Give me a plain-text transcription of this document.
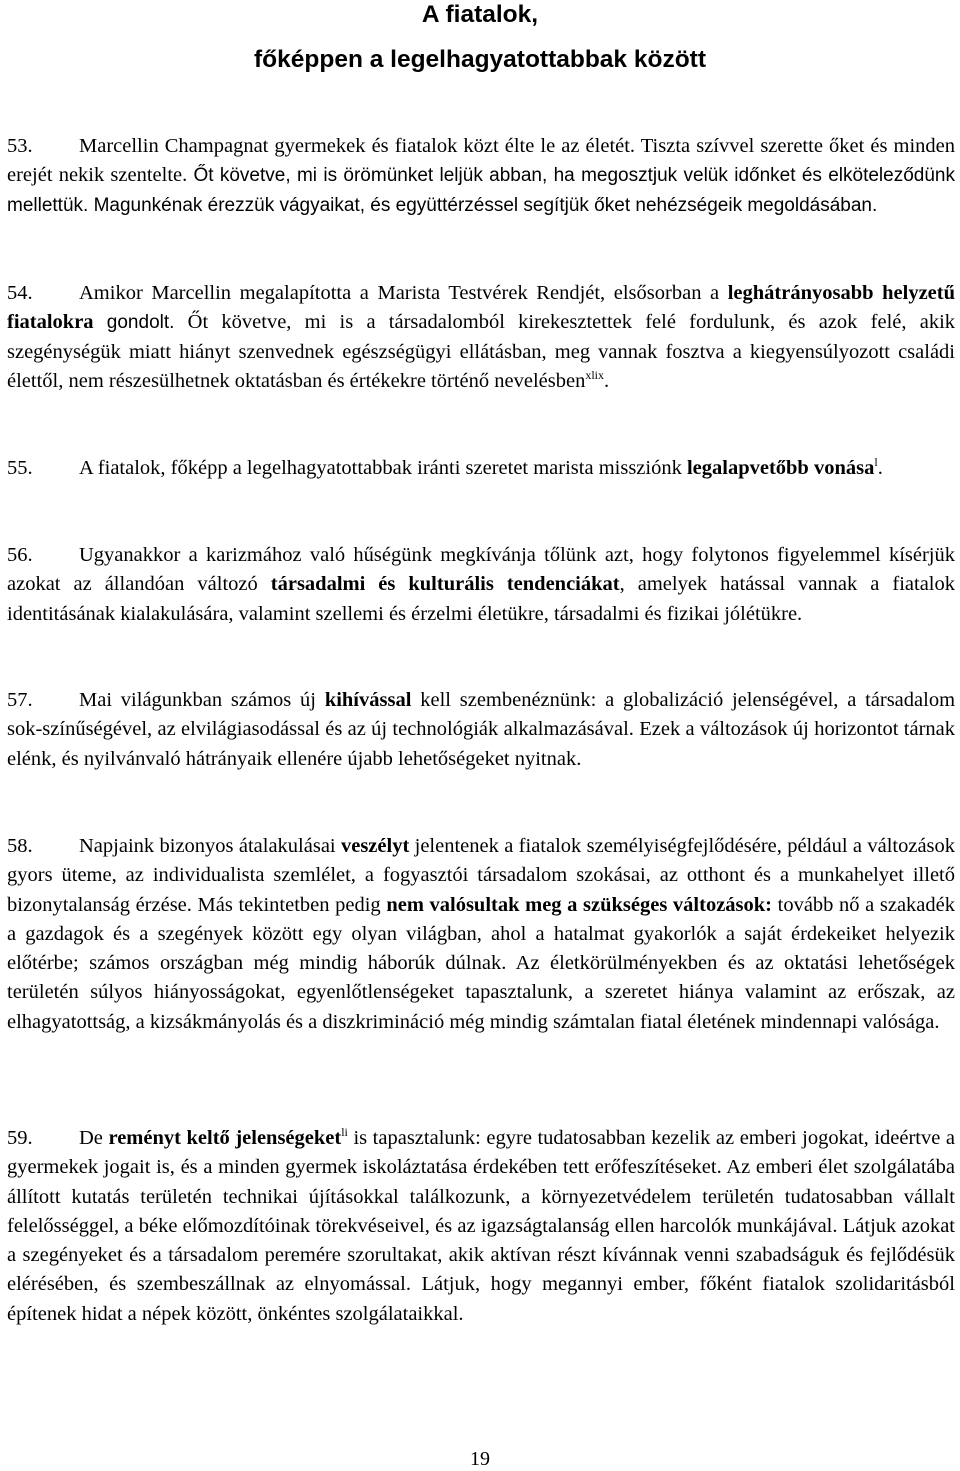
A fiatalok,
főképpen a legelhagyatottabbak között
53. Marcellin Champagnat gyermekek és fiatalok közt élte le az életét. Tiszta szívvel szerette őket és minden erejét nekik szentelte. Őt követve, mi is örömünket leljük abban, ha megosztjuk velük időnket és elköteleződünk mellettük. Magunkénak érezzük vágyaikat, és együttérzéssel segítjük őket nehézségeik megoldásában.
54. Amikor Marcellin megalapította a Marista Testvérek Rendjét, elsősorban a leghátrányosabb helyzetű fiatalokra gondolt. Őt követve, mi is a társadalomból kirekesztettek felé fordulunk, és azok felé, akik szegénységük miatt hiányt szenvednek egészségügyi ellátásban, meg vannak fosztva a kiegyensúlyozott családi élettől, nem részesülhetnek oktatásban és értékekre történő nevelésben$^{xlix}$.
55. A fiatalok, főképp a legelhagyatottabbak iránti szeretet marista missziónk legalapvetőbb vonása$^l$.
56. Ugyanakkor a karizmához való hűségünk megkívánja tőlünk azt, hogy folytonos figyelemmel kísérjük azokat az állandóan változó társadalmi és kulturális tendenciákat, amelyek hatással vannak a fiatalok identitásának kialakulására, valamint szellemi és érzelmi életükre, társadalmi és fizikai jólétükre.
57. Mai világunkban számos új kihívással kell szembenéznünk: a globalizáció jelenségével, a társadalom sok-színűségével, az elvilágiasodással és az új technológiák alkalmazásával. Ezek a változások új horizontot tárnak elénk, és nyilvánvaló hátrányaik ellenére újabb lehetőségeket nyitnak.
58. Napjaink bizonyos átalakulásai veszélyt jelentenek a fiatalok személyiségfejlődésére, például a változások gyors üteme, az individualista szemlélet, a fogyasztói társadalom szokásai, az otthont és a munkahelyet illető bizonytalanság érzése. Más tekintetben pedig nem valósultak meg a szükséges változások: tovább nő a szakadék a gazdagok és a szegények között egy olyan világban, ahol a hatalmat gyakorlók a saját érdekeiket helyezik előtérbe; számos országban még mindig háborúk dúlnak. Az életkörülményekben és az oktatási lehetőségek területén súlyos hiányosságokat, egyenlőtlenségeket tapasztalunk, a szeretet hiánya valamint az erőszak, az elhagyatottság, a kizsákmányolás és a diszkrimináció még mindig számtalan fiatal életének mindennapi valósága.
59. De reményt keltő jelenségeket$^{li}$ is tapasztalunk: egyre tudatosabban kezelik az emberi jogokat, ideértve a gyermekek jogait is, és a minden gyermek iskoláztatása érdekében tett erőfeszítéseket. Az emberi élet szolgálatába állított kutatás területén technikai újításokkal találkozunk, a környezetvédelem területén tudatosabban vállalt felelősséggel, a béke előmozdítóinak törekvéseivel, és az igazságtalanság ellen harcolók munkájával. Látjuk azokat a szegényeket és a társadalom peremére szorultakat, akik aktívan részt kívánnak venni szabadságuk és fejlődésük elérésében, és szembeszállnak az elnyomással. Látjuk, hogy megannyi ember, főként fiatalok szolidaritásból építenek hidat a népek között, önkéntes szolgálataikkal.
19
